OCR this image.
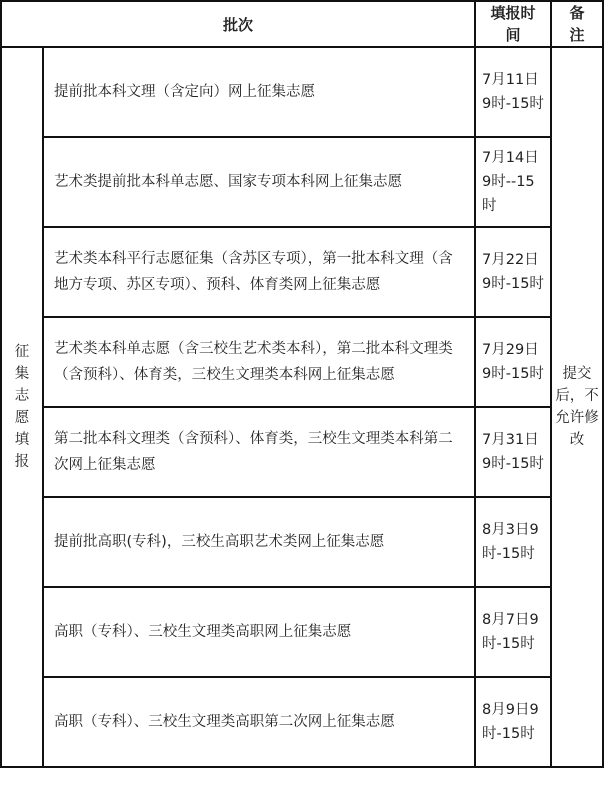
批次		填报时间	备注

征集志愿填报	提前批本科文理（含定向）网上征集志愿	7月11日9时-15时	提交后，不允许修改

	艺术类提前批本科单志愿、国家专项本科网上征集志愿	7月14日9时--15时	
	艺术类本科平行志愿征集（含苏区专项），第一批本科文理（含地方专项、苏区专项）、预科、体育类网上征集志愿	7月22日9时-15时	
	艺术类本科单志愿（含三校生艺术类本科），第二批本科文理类（含预科）、体育类，三校生文理类本科网上征集志愿	7月29日9时-15时	
	第二批本科文理类（含预科）、体育类，三校生文理类本科第二次网上征集志愿	7月31日9时-15时	
	提前批高职(专科)，三校生高职艺术类网上征集志愿	8月3日9时-15时	
	高职（专科）、三校生文理类高职网上征集志愿	8月7日9时-15时	
	高职（专科）、三校生文理类高职第二次网上征集志愿	8月9日9时-15时	
